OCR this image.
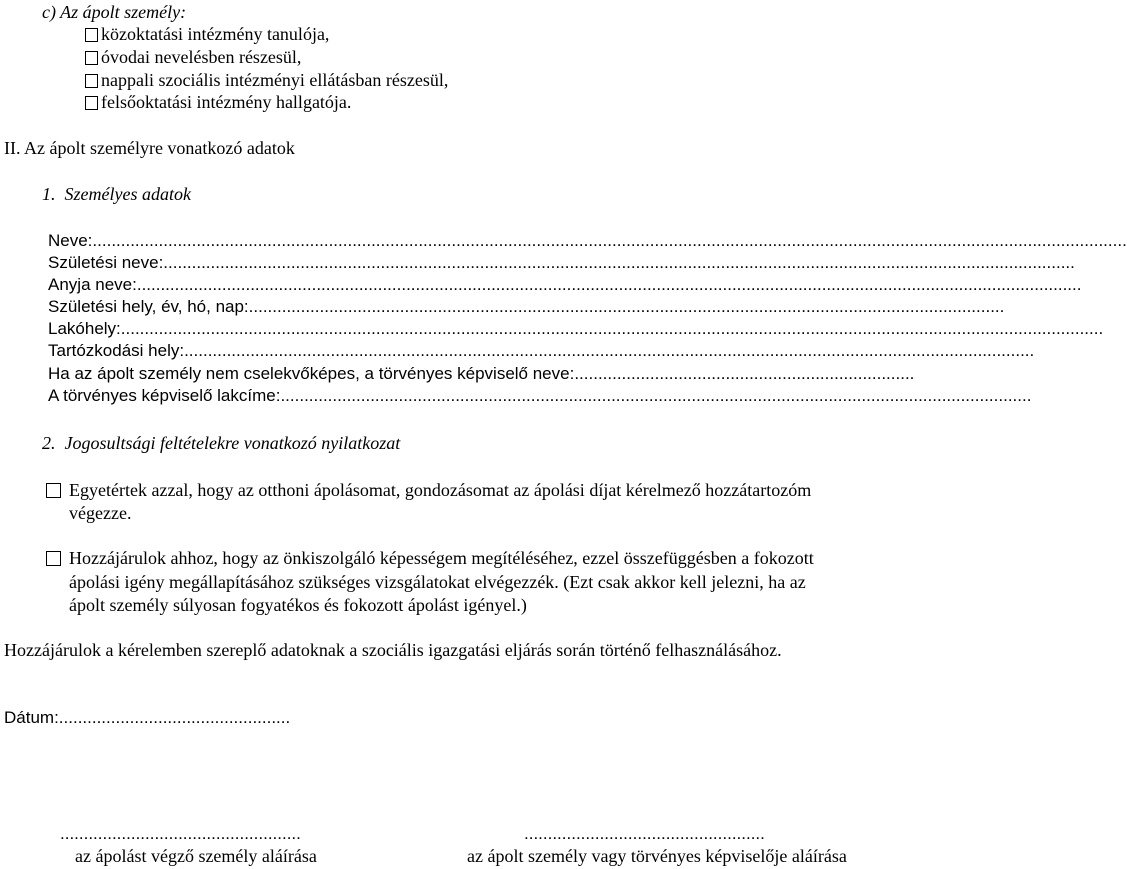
c) Az ápolt személy:
közoktatási intézmény tanulója,
óvodai nevelésben részesül,
nappali szociális intézményi ellátásban részesül,
felsőoktatási intézmény hallgatója.
II. Az ápolt személyre vonatkozó adatok
1.  Személyes adatok
Neve:...........................................................................................................................................................................................................................
Születési neve:.................................................................................................................................................................................................
Anyja neve:........................................................................................................................................................................................................
Születési hely, év, hó, nap:................................................................................................................................................................
Lakóhely:................................................................................................................................................................................................................
Tartózkodási hely:....................................................................................................................................................................................
Ha az ápolt személy nem cselekvőképes, a törvényes képviselő neve:........................................................................
A törvényes képviselő lakcíme:...............................................................................................................................................................
2.  Jogosultsági feltételekre vonatkozó nyilatkozat
Egyetértek azzal, hogy az otthoni ápolásomat, gondozásomat az ápolási díjat kérelmező hozzátartozóm
végezze.
Hozzájárulok ahhoz, hogy az önkiszolgáló képességem megítéléséhez, ezzel összefüggésben a fokozott
ápolási igény megállapításához szükséges vizsgálatokat elvégezzék. (Ezt csak akkor kell jelezni, ha az
ápolt személy súlyosan fogyatékos és fokozott ápolást igényel.)
Hozzájárulok a kérelemben szereplő adatoknak a szociális igazgatási eljárás során történő felhasználásához.
Dátum:.................................................
...................................................
az ápolást végző személy aláírása
...................................................
az ápolt személy vagy törvényes képviselője aláírása
